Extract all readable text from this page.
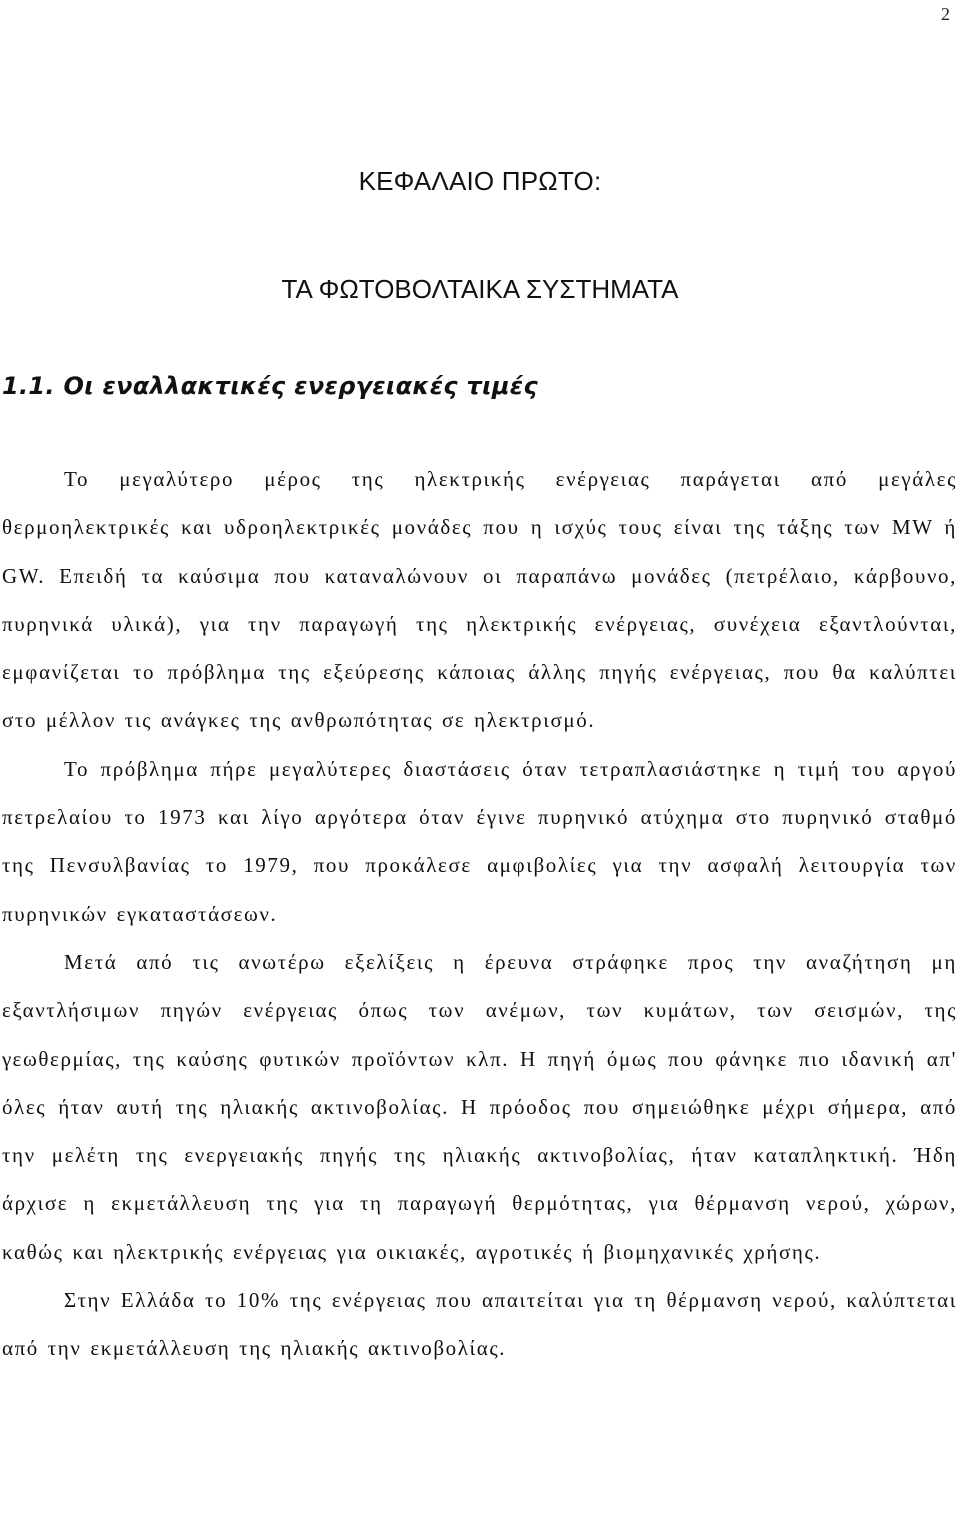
2
ΚΕΦΑΛΑΙΟ ΠΡΩΤΟ:
ΤΑ ΦΩΤΟΒΟΛΤΑΙΚΑ ΣΥΣΤΗΜΑΤΑ
1.1. Οι εναλλακτικές ενεργειακές τιμές

Το μεγαλύτερο μέρος της ηλεκτρικής ενέργειας παράγεται από μεγάλες θερμοηλεκτρικές και υδροηλεκτρικές μονάδες που η ισχύς τους είναι της τάξης των MW ή GW. Επειδή τα καύσιμα που καταναλώνουν οι παραπάνω μονάδες (πετρέλαιο, κάρβουνο, πυρηνικά υλικά), για την παραγωγή της ηλεκτρικής ενέργειας, συνέχεια εξαντλούνται, εμφανίζεται το πρόβλημα της εξεύρεσης κάποιας άλλης πηγής ενέργειας, που θα καλύπτει στο μέλλον τις ανάγκες της ανθρωπότητας σε ηλεκτρισμό.

Το πρόβλημα πήρε μεγαλύτερες διαστάσεις όταν τετραπλασιάστηκε η τιμή του αργού πετρελαίου το 1973 και λίγο αργότερα όταν έγινε πυρηνικό ατύχημα στο πυρηνικό σταθμό της Πενσυλβανίας το 1979, που προκάλεσε αμφιβολίες για την ασφαλή λειτουργία των πυρηνικών εγκαταστάσεων.

Μετά από τις ανωτέρω εξελίξεις η έρευνα στράφηκε προς την αναζήτηση μη εξαντλήσιμων πηγών ενέργειας όπως των ανέμων, των κυμάτων, των σεισμών, της γεωθερμίας, της καύσης φυτικών προϊόντων κλπ. Η πηγή όμως που φάνηκε πιο ιδανική απ' όλες ήταν αυτή της ηλιακής ακτινοβολίας. Η πρόοδος που σημειώθηκε μέχρι σήμερα, από την μελέτη της ενεργειακής πηγής της ηλιακής ακτινοβολίας, ήταν καταπληκτική. Ήδη άρχισε η εκμετάλλευση της για τη παραγωγή θερμότητας, για θέρμανση νερού, χώρων, καθώς και ηλεκτρικής ενέργειας για οικιακές, αγροτικές ή βιομηχανικές χρήσης.

Στην Ελλάδα το 10% της ενέργειας που απαιτείται για τη θέρμανση νερού, καλύπτεται από την εκμετάλλευση της ηλιακής ακτινοβολίας.
